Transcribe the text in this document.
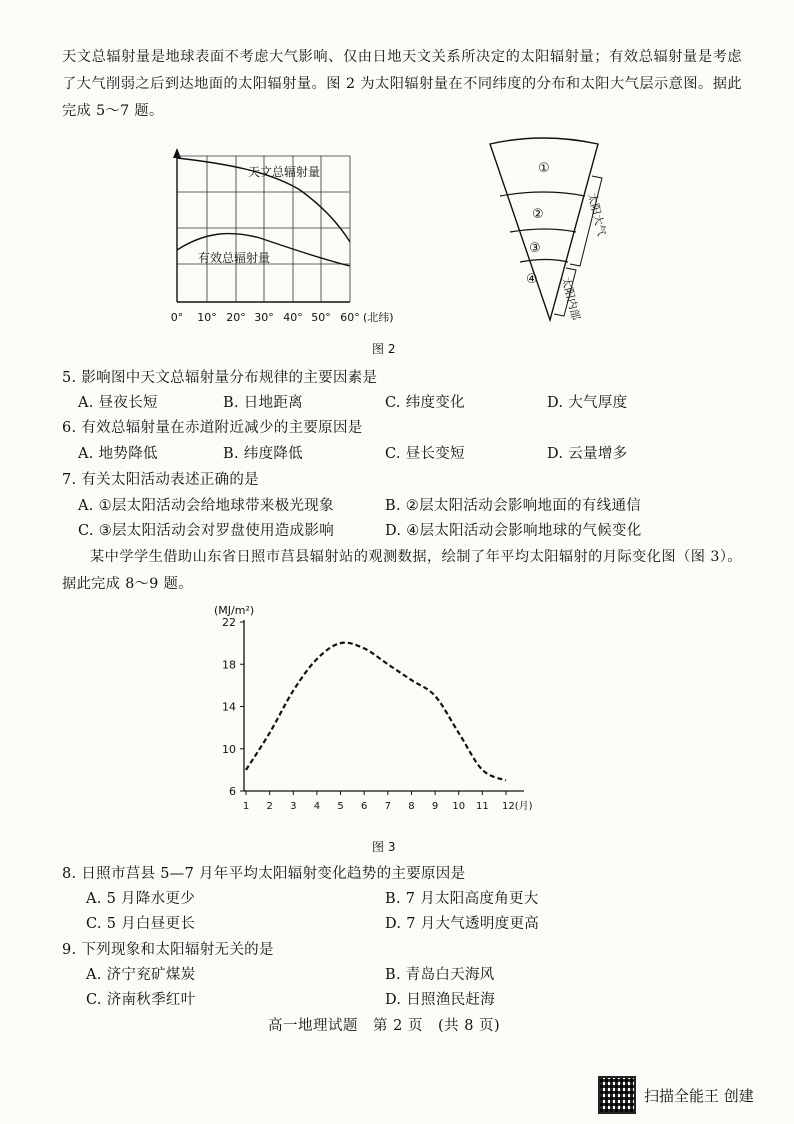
天文总辐射量是地球表面不考虑大气影响、仅由日地天文关系所决定的太阳辐射量；有效总辐射量是考虑了大气削弱之后到达地面的太阳辐射量。图 2 为太阳辐射量在不同纬度的分布和太阳大气层示意图。据此完成 5～7 题。
天文总辐射量
有效总辐射量
0° 10° 20° 30° 40° 50° 60° (北纬)
①
②
③
④
太阳大气
太阳内部
图 2
5. 影响图中天文总辐射量分布规律的主要因素是
A. 昼夜长短	B. 日地距离	C. 纬度变化	D. 大气厚度
6. 有效总辐射量在赤道附近减少的主要原因是
A. 地势降低	B. 纬度降低	C. 昼长变短	D. 云量增多
7. 有关太阳活动表述正确的是
A. ①层太阳活动会给地球带来极光现象	B. ②层太阳活动会影响地面的有线通信
C. ③层太阳活动会对罗盘使用造成影响	D. ④层太阳活动会影响地球的气候变化
某中学学生借助山东省日照市莒县辐射站的观测数据，绘制了年平均太阳辐射的月际变化图（图 3）。据此完成 8～9 题。
(MJ/m²)
6
10
14
18
22
1 2 3 4 5 6 7 8 9 10 11 12(月)
图 3
8. 日照市莒县 5—7 月年平均太阳辐射变化趋势的主要原因是
A. 5 月降水更少	B. 7 月太阳高度角更大
C. 5 月白昼更长	D. 7 月大气透明度更高
9. 下列现象和太阳辐射无关的是
A. 济宁兖矿煤炭	B. 青岛白天海风
C. 济南秋季红叶	D. 日照渔民赶海
高一地理试题　第 2 页　(共 8 页)
扫描全能王 创建
